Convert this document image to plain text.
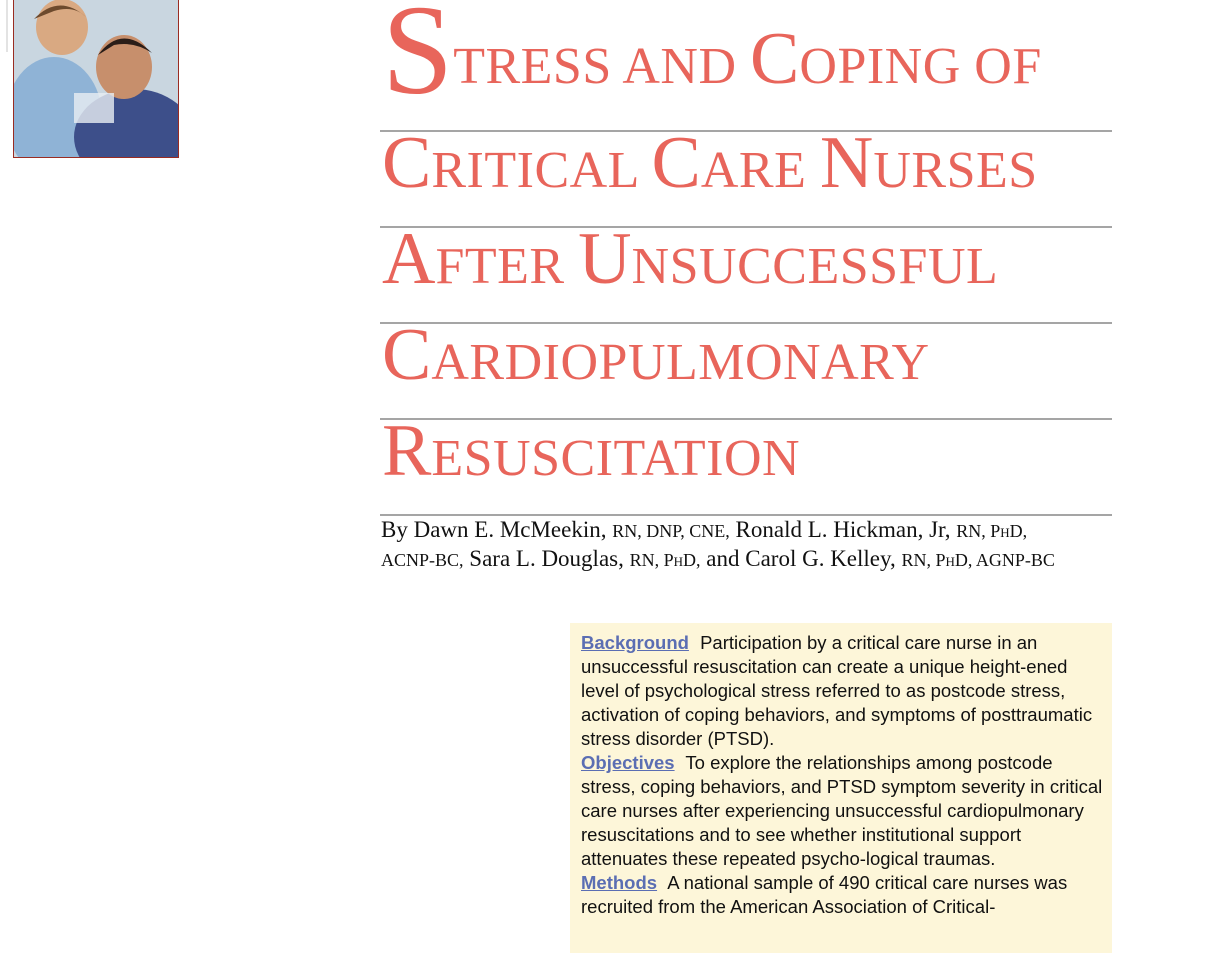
STRESS AND COPING OF
CRITICAL CARE NURSES
AFTER UNSUCCESSFUL
CARDIOPULMONARY
RESUSCITATION
By Dawn E. McMeekin, RN, DNP, CNE, Ronald L. Hickman, Jr, RN, PhD,
ACNP-BC, Sara L. Douglas, RN, PhD, and Carol G. Kelley, RN, PhD, AGNP-BC

Background Participation by a critical care nurse in an unsuccessful resuscitation can create a unique height-ened level of psychological stress referred to as postcode stress, activation of coping behaviors, and symptoms of posttraumatic stress disorder (PTSD).

Objectives To explore the relationships among postcode stress, coping behaviors, and PTSD symptom severity in critical care nurses after experiencing unsuccessful cardiopulmonary resuscitations and to see whether institutional support attenuates these repeated psycho-logical traumas.

Methods A national sample of 490 critical care nurses was recruited from the American Association of Critical-
